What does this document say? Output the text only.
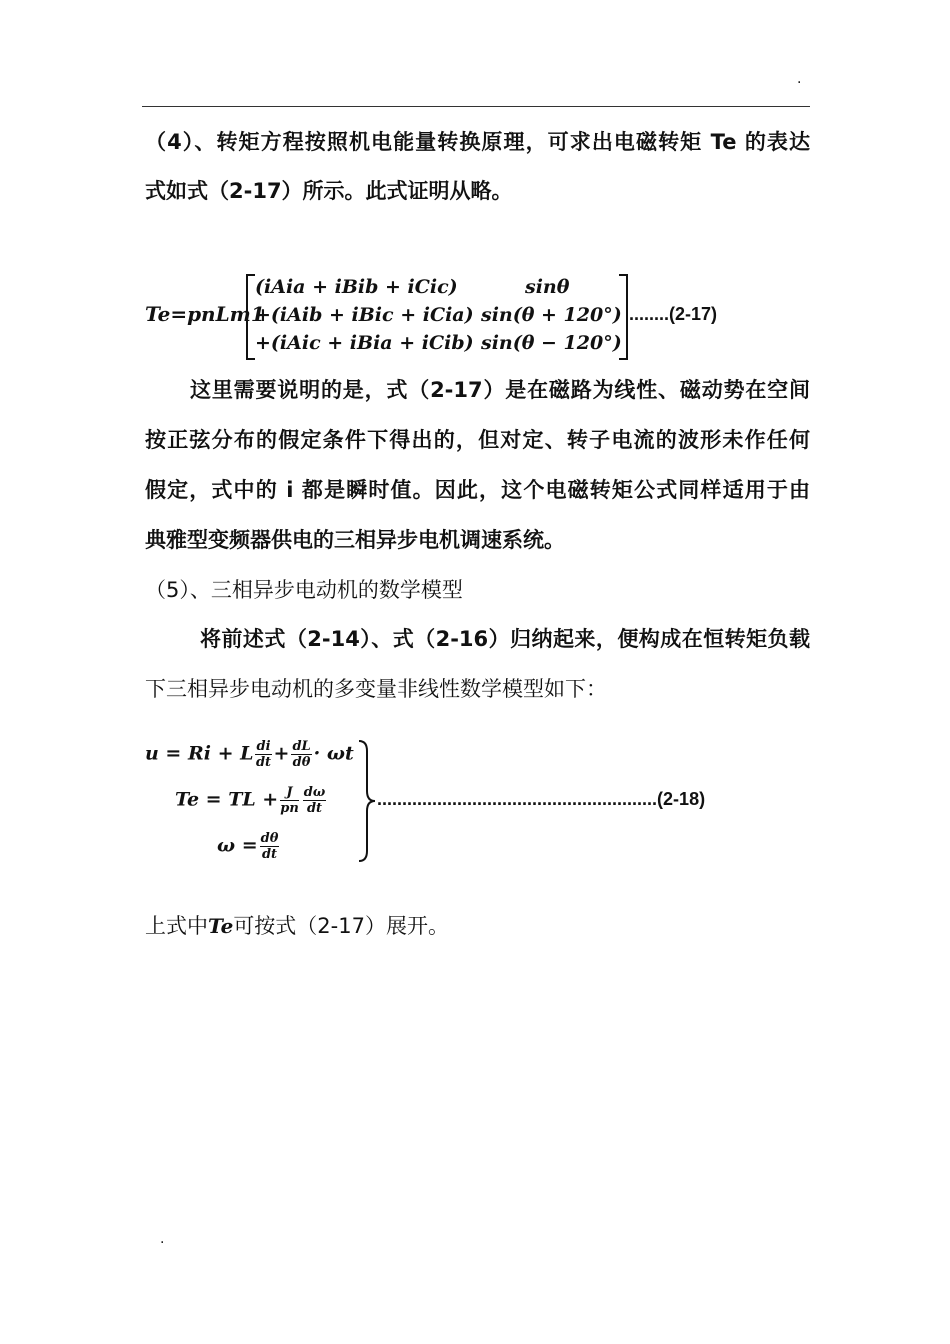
.
（4）、转矩方程按照机电能量转换原理，可求出电磁转矩 Te 的表达
式如式（2-17）所示。此式证明从略。
Te=pnLm1
(iAia + iBib + iCic)	sinθ
+(iAib + iBic + iCia) sin(θ + 120°)
+(iAic + iBia + iCib) sin(θ − 120°)
........(2-17)
这里需要说明的是，式（2-17）是在磁路为线性、磁动势在空间
按正弦分布的假定条件下得出的，但对定、转子电流的波形未作任何
假定，式中的 i 都是瞬时值。因此，这个电磁转矩公式同样适用于由
典雅型变频器供电的三相异步电机调速系统。
（5）、三相异步电动机的数学模型
将前述式（2-14）、式（2-16）归纳起来，便构成在恒转矩负载
下三相异步电动机的多变量非线性数学模型如下：
u = Ri + L $\frac{di}{dt} + \frac{dL}{d\theta} \cdot \omega t$
Te = TL + $\frac{J}{pn} \frac{d\omega}{dt}$
$\omega = \frac{d\theta}{dt}$
........................................................(2-18)
上式中Te可按式（2-17）展开。
.
